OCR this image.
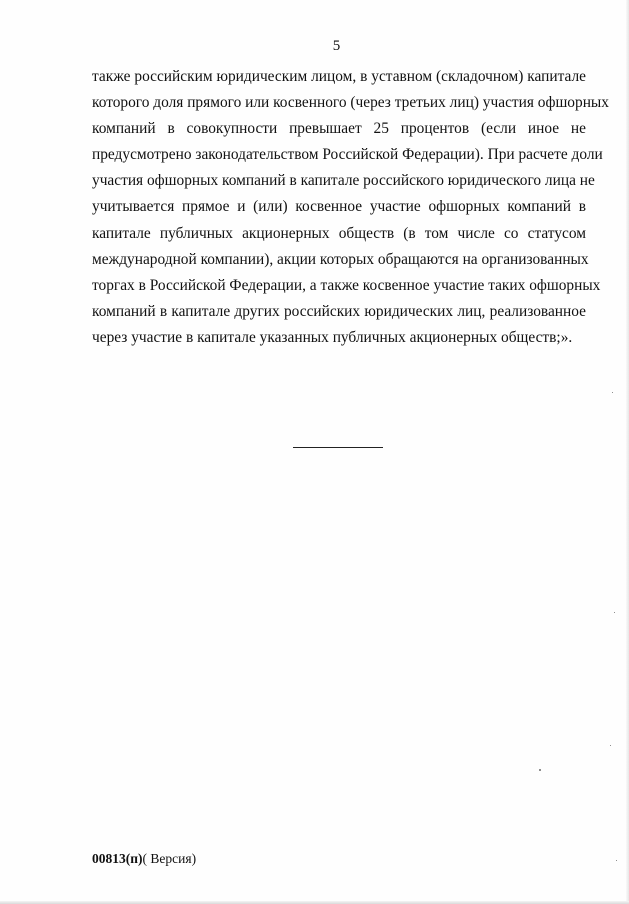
5
также российским юридическим лицом, в уставном (складочном) капитале
которого доля прямого или косвенного (через третьих лиц) участия офшорных
компаний в совокупности превышает 25 процентов (если иное не
предусмотрено законодательством Российской Федерации). При расчете доли
участия офшорных компаний в капитале российского юридического лица не
учитывается прямое и (или) косвенное участие офшорных компаний в
капитале публичных акционерных обществ (в том числе со статусом
международной компании), акции которых обращаются на организованных
торгах в Российской Федерации, а также косвенное участие таких офшорных
компаний в капитале других российских юридических лиц, реализованное
через участие в капитале указанных публичных акционерных обществ;».
00813(п)( Версия)
